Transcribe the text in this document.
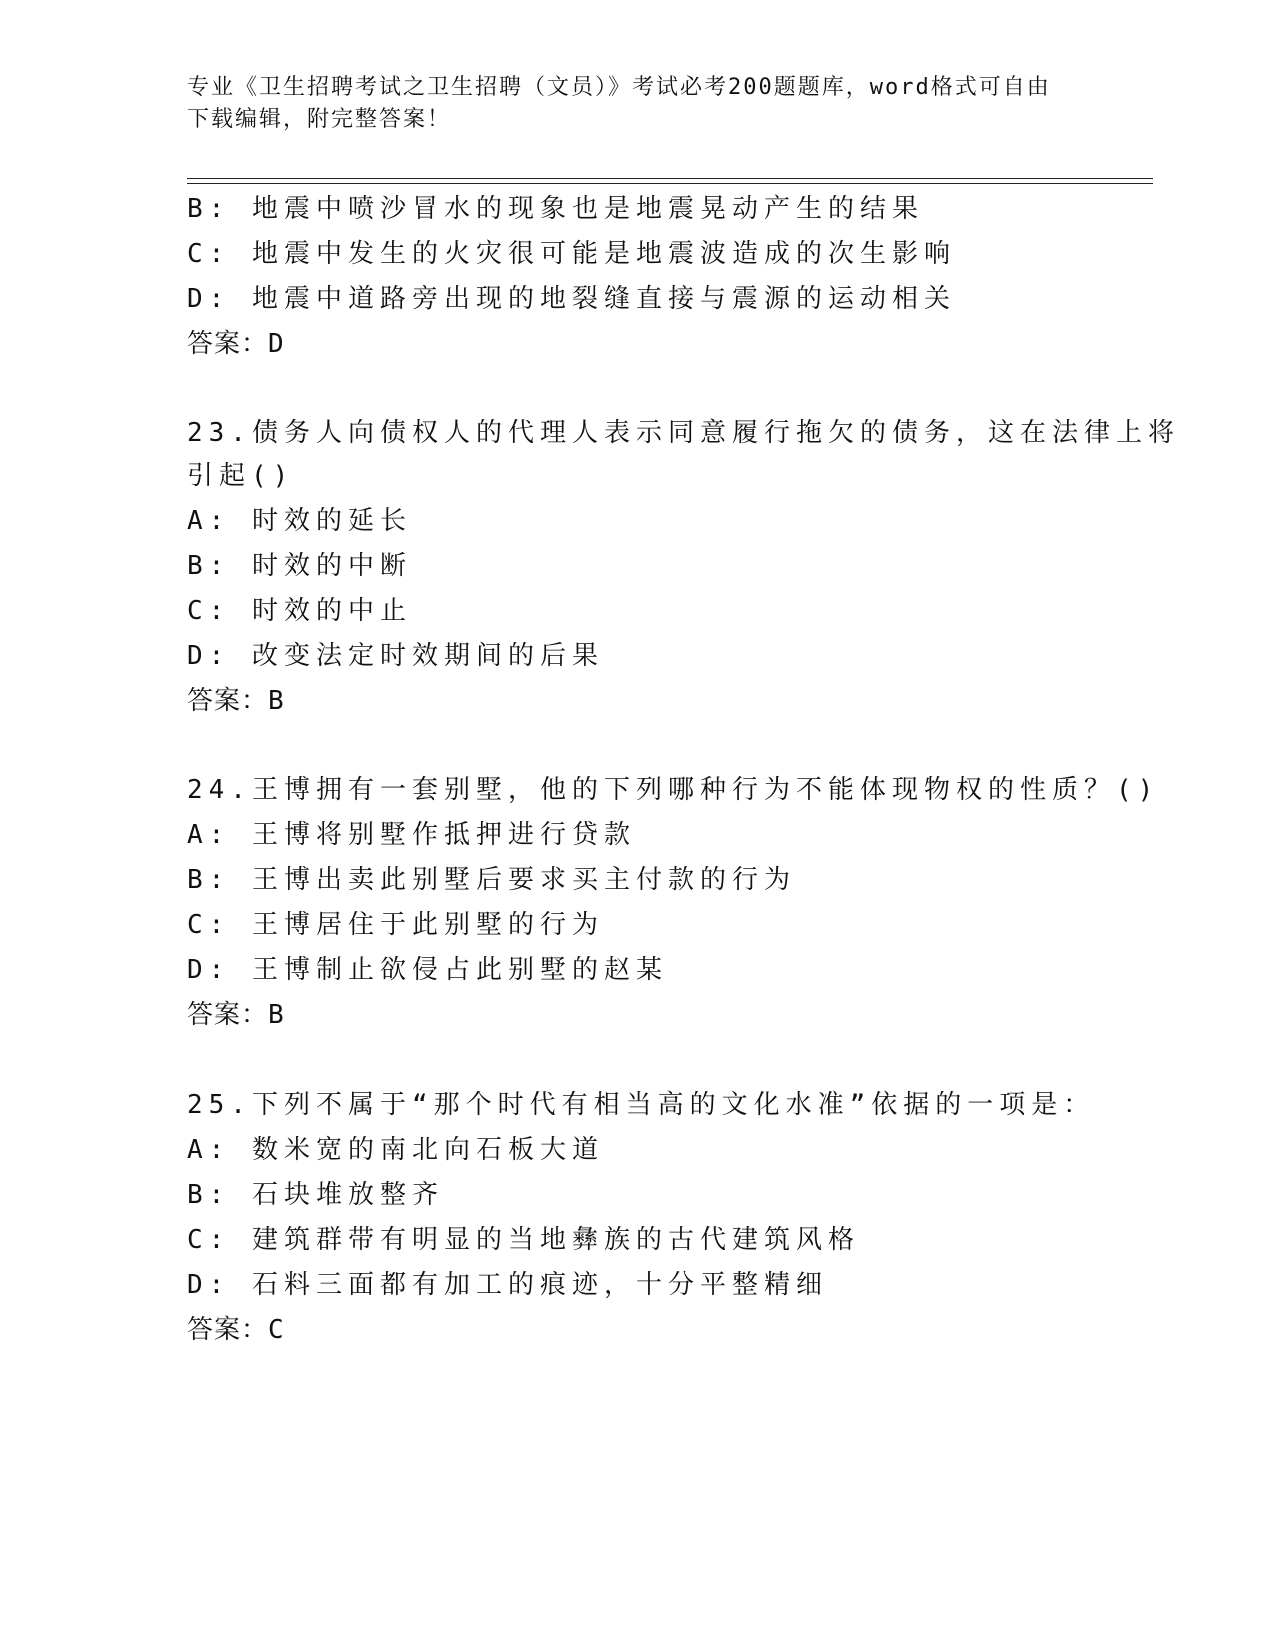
专业《卫生招聘考试之卫生招聘（文员）》考试必考200题题库，word格式可自由下载编辑，附完整答案！
B: 地震中喷沙冒水的现象也是地震晃动产生的结果
C: 地震中发生的火灾很可能是地震波造成的次生影响
D: 地震中道路旁出现的地裂缝直接与震源的运动相关
答案：D
23.债务人向债权人的代理人表示同意履行拖欠的债务，这在法律上将
引起()
A: 时效的延长
B: 时效的中断
C: 时效的中止
D: 改变法定时效期间的后果
答案：B
24.王博拥有一套别墅，他的下列哪种行为不能体现物权的性质？()
A: 王博将别墅作抵押进行贷款
B: 王博出卖此别墅后要求买主付款的行为
C: 王博居住于此别墅的行为
D: 王博制止欲侵占此别墅的赵某
答案：B
25.下列不属于“那个时代有相当高的文化水准”依据的一项是：
A: 数米宽的南北向石板大道
B: 石块堆放整齐
C: 建筑群带有明显的当地彝族的古代建筑风格
D: 石料三面都有加工的痕迹，十分平整精细
答案：C
